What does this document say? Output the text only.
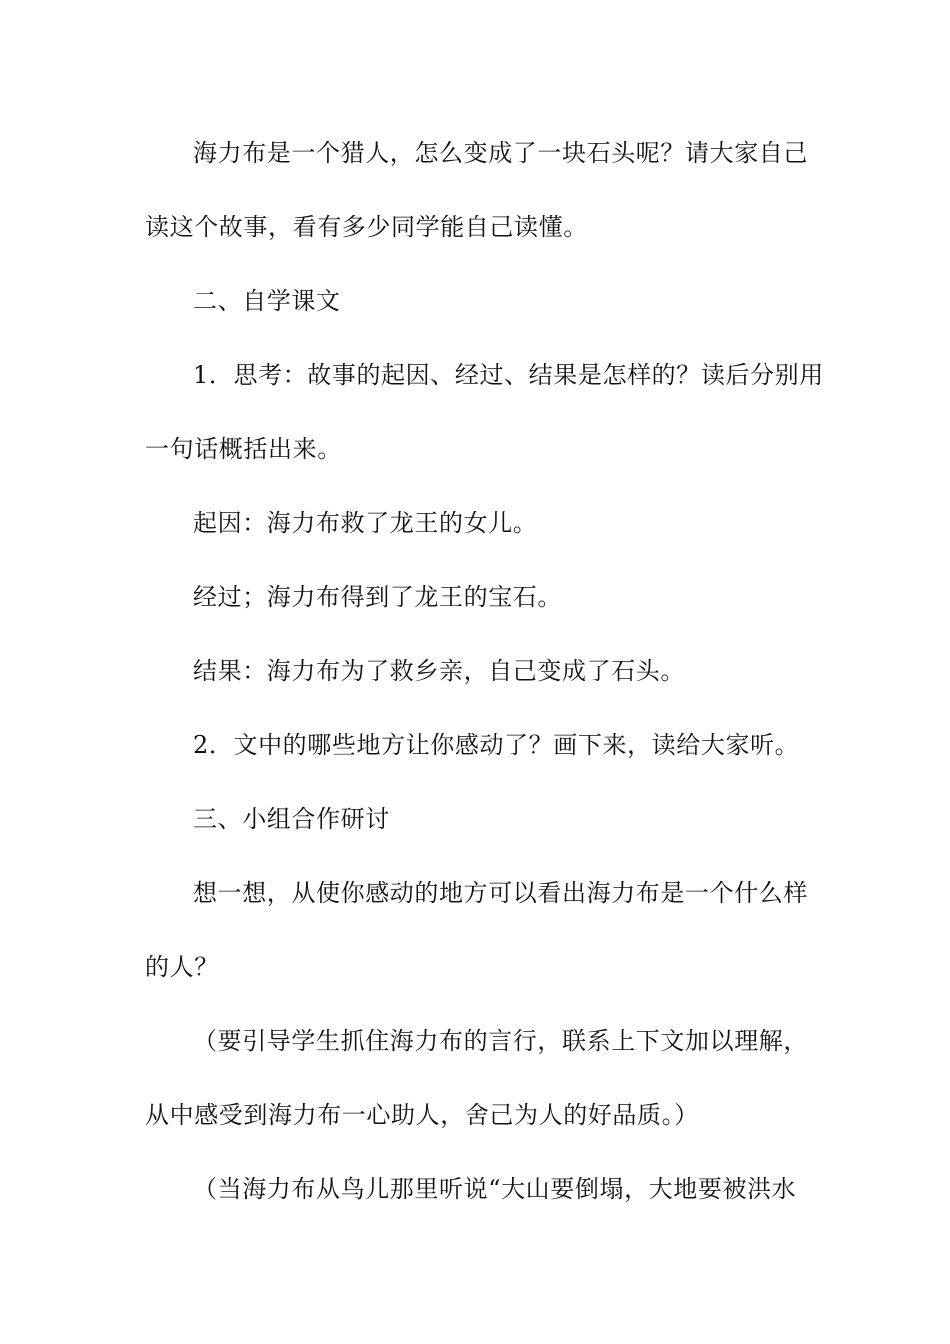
海力布是一个猎人，怎么变成了一块石头呢？请大家自己
读这个故事，看有多少同学能自己读懂。
二、自学课文
1．思考：故事的起因、经过、结果是怎样的？读后分别用
一句话概括出来。
起因：海力布救了龙王的女儿。
经过；海力布得到了龙王的宝石。
结果：海力布为了救乡亲，自己变成了石头。
2．文中的哪些地方让你感动了？画下来，读给大家听。
三、小组合作研讨
想一想，从使你感动的地方可以看出海力布是一个什么样
的人？
（要引导学生抓住海力布的言行，联系上下文加以理解，
从中感受到海力布一心助人，舍己为人的好品质。）
（当海力布从鸟儿那里听说“大山要倒塌，大地要被洪水
